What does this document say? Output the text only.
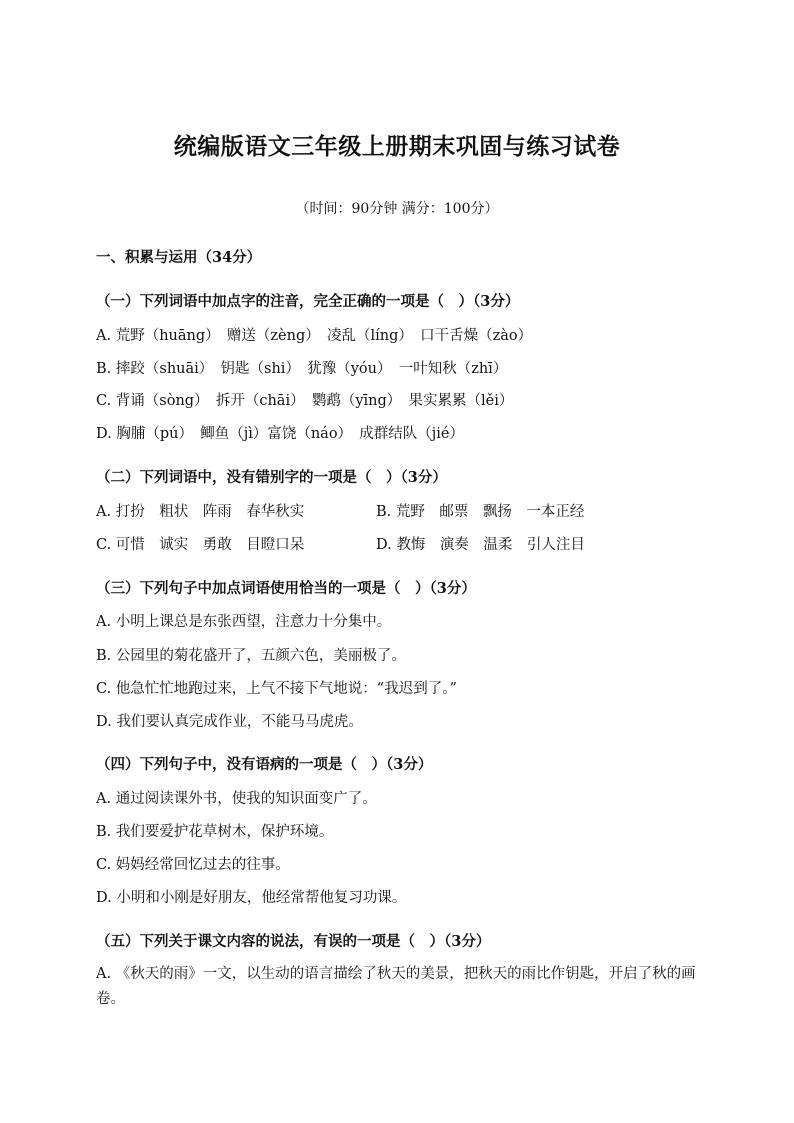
统编版语文三年级上册期末巩固与练习试卷
（时间：90分钟 满分：100分）
一、积累与运用（34分）
（一）下列词语中加点字的注音，完全正确的一项是（　）（3分）
A. 荒野（huāng）　赠送（zèng）　凌乱（líng）　口干舌燥（zào）
B. 摔跤（shuāi）　钥匙（shi）　犹豫（yóu）　一叶知秋（zhī）
C. 背诵（sòng）　拆开（chāi）　鹦鹉（yīng）　果实累累（lěi）
D. 胸脯（pú）　鲫鱼（jì）富饶（náo）　成群结队（jié）
（二）下列词语中，没有错别字的一项是（　）（3分）
A. 打扮　粗状　阵雨　春华秋实	B. 荒野　邮票　飘扬　一本正经
C. 可惜　诚实　勇敢　目瞪口呆	D. 教悔　演奏　温柔　引人注目
（三）下列句子中加点词语使用恰当的一项是（　）（3分）
A. 小明上课总是东张西望，注意力十分集中。
B. 公园里的菊花盛开了，五颜六色，美丽极了。
C. 他急忙忙地跑过来，上气不接下气地说：“我迟到了。”
D. 我们要认真完成作业，不能马马虎虎。
（四）下列句子中，没有语病的一项是（　）（3分）
A. 通过阅读课外书，使我的知识面变广了。
B. 我们要爱护花草树木，保护环境。
C. 妈妈经常回忆过去的往事。
D. 小明和小刚是好朋友，他经常帮他复习功课。
（五）下列关于课文内容的说法，有误的一项是（　）（3分）
A. 《秋天的雨》一文，以生动的语言描绘了秋天的美景，把秋天的雨比作钥匙，开启了秋的画卷。
